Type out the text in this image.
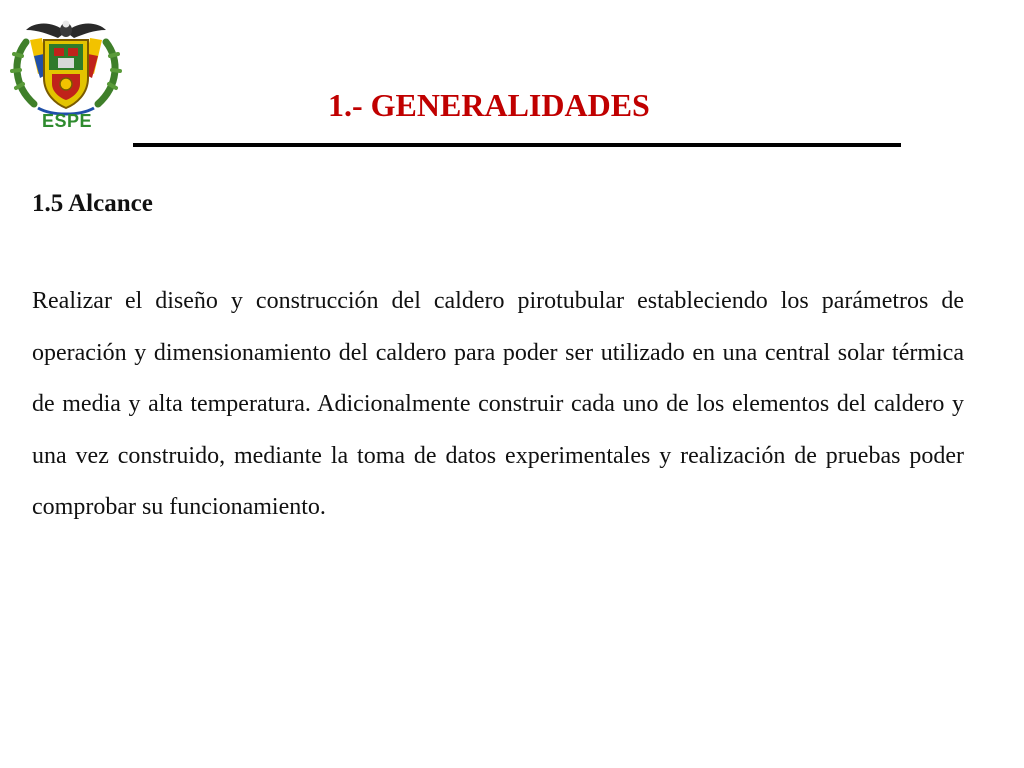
ESPE	1.- GENERALIDADES
1.5 Alcance

Realizar el diseño y construcción del caldero pirotubular estableciendo los parámetros de operación y dimensionamiento del caldero para poder ser utilizado en una central solar térmica de media y alta temperatura. Adicionalmente construir cada uno de los elementos del caldero y una vez construido, mediante la toma de datos experimentales y realización de pruebas poder comprobar su funcionamiento.
